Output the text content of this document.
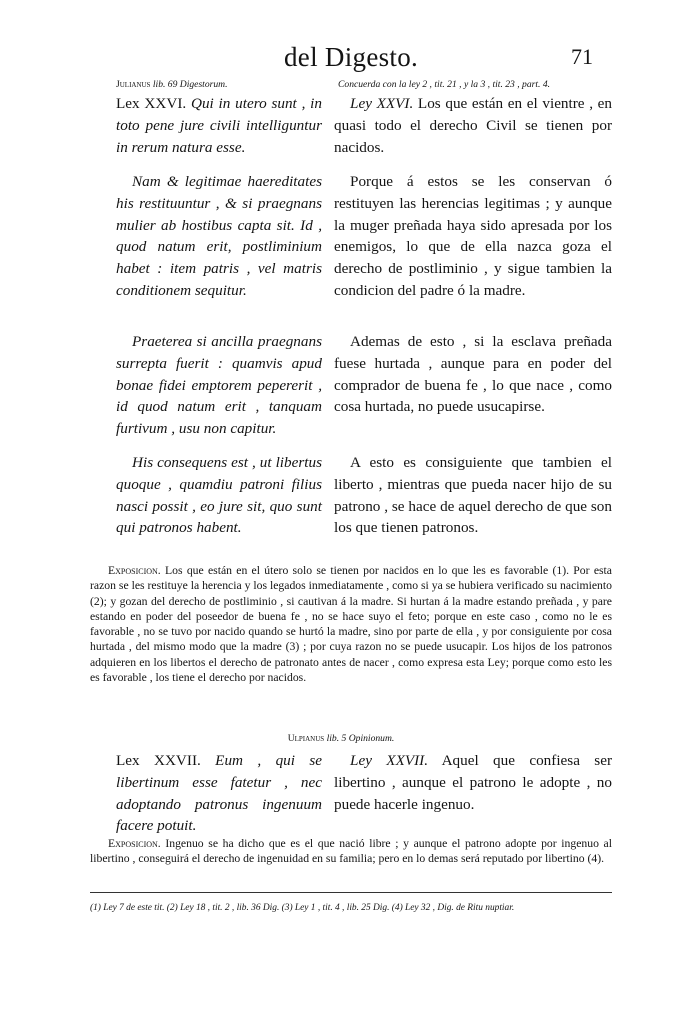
del Digesto.	71
Julianus lib. 69 Digestorum.	Concuerda con la ley 2 , tit. 21 , y la 3 , tit. 23 , part. 4.

Lex XXVI. Qui in utero sunt , in toto pene jure civili intelliguntur in rerum natura esse.

Nam & legitimae haereditates his restituuntur , & si praegnans mulier ab hostibus capta sit. Id , quod natum erit, postliminium habet : item patris , vel matris conditionem sequitur.

Praeterea si ancilla praegnans surrepta fuerit : quamvis apud bonae fidei emptorem pepererit , id quod natum erit , tanquam furtivum , usu non capitur.

His consequens est , ut libertus quoque , quamdiu patroni filius nasci possit , eo jure sit, quo sunt qui patronos habent.

Ley XXVI. Los que están en el vientre , en quasi todo el derecho Civil se tienen por nacidos.

Porque á estos se les conservan ó restituyen las herencias legitimas ; y aunque la muger preñada haya sido apresada por los enemigos, lo que de ella nazca goza el derecho de postliminio , y sigue tambien la condicion del padre ó la madre.

Ademas de esto , si la esclava preñada fuese hurtada , aunque para en poder del comprador de buena fe , lo que nace , como cosa hurtada, no puede usucapirse.

A esto es consiguiente que tambien el liberto , mientras que pueda nacer hijo de su patrono , se hace de aquel derecho de que son los que tienen patronos.

Exposicion. Los que están en el útero solo se tienen por nacidos en lo que les es favorable (1). Por esta razon se les restituye la herencia y los legados inmediatamente , como si ya se hubiera verificado su nacimiento (2); y gozan del derecho de postliminio , si cautivan á la madre. Si hurtan á la madre estando preñada , y pare estando en poder del poseedor de buena fe , no se hace suyo el feto; porque en este caso , como no le es favorable , no se tuvo por nacido quando se hurtó la madre, sino por parte de ella , y por consiguiente por cosa hurtada , del mismo modo que la madre (3) ; por cuya razon no se puede usucapir. Los hijos de los patronos adquieren en los libertos el derecho de patronato antes de nacer , como expresa esta Ley; porque como esto les es favorable , los tiene el derecho por nacidos.

Ulpianus lib. 5 Opinionum.

Lex XXVII. Eum , qui se libertinum esse fatetur , nec adoptando patronus ingenuum facere potuit.

Ley XXVII. Aquel que confiesa ser libertino , aunque el patrono le adopte , no puede hacerle ingenuo.

Exposicion. Ingenuo se ha dicho que es el que nació libre ; y aunque el patrono adopte por ingenuo al libertino , conseguirá el derecho de ingenuidad en su familia; pero en lo demas será reputado por libertino (4).

(1) Ley 7 de este tit. (2) Ley 18 , tit. 2 , lib. 36 Dig. (3) Ley 1 , tit. 4 , lib. 25 Dig. (4) Ley 32 , Dig. de Ritu nuptiar.
